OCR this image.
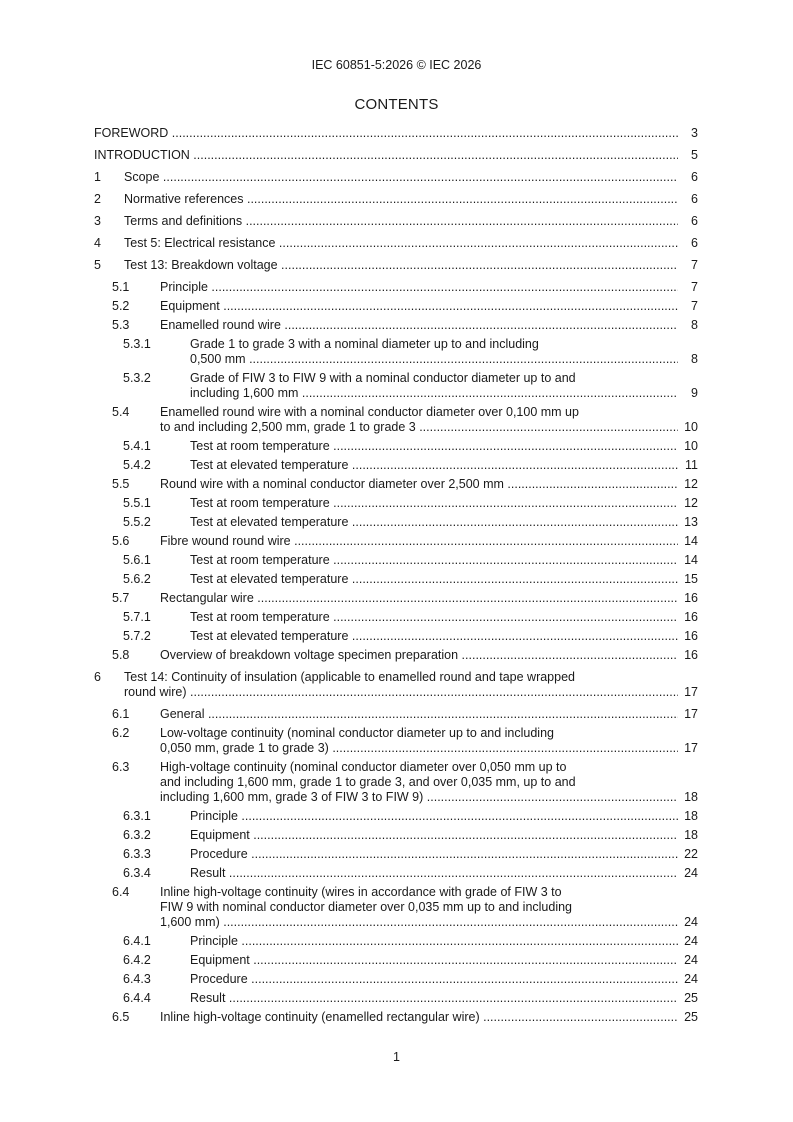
IEC 60851-5:2026 © IEC 2026
CONTENTS
FOREWORD .....	3
INTRODUCTION .....	5
1	Scope .....	6
2	Normative references .....	6
3	Terms and definitions .....	6
4	Test 5: Electrical resistance .....	6
5	Test 13: Breakdown voltage .....	7
5.1	Principle .....	7
5.2	Equipment .....	7
5.3	Enamelled round wire .....	8
5.3.1	Grade 1 to grade 3 with a nominal diameter up to and including
0,500 mm .....	8
5.3.2	Grade of FIW 3 to FIW 9 with a nominal conductor diameter up to and
including 1,600 mm .....	9
5.4	Enamelled round wire with a nominal conductor diameter over 0,100 mm up
to and including 2,500 mm, grade 1 to grade 3 .....	10
5.4.1	Test at room temperature .....	10
5.4.2	Test at elevated temperature .....	11
5.5	Round wire with a nominal conductor diameter over 2,500 mm .....	12
5.5.1	Test at room temperature .....	12
5.5.2	Test at elevated temperature .....	13
5.6	Fibre wound round wire .....	14
5.6.1	Test at room temperature .....	14
5.6.2	Test at elevated temperature .....	15
5.7	Rectangular wire .....	16
5.7.1	Test at room temperature .....	16
5.7.2	Test at elevated temperature .....	16
5.8	Overview of breakdown voltage specimen preparation .....	16
6	Test 14: Continuity of insulation (applicable to enamelled round and tape wrapped
round wire) .....	17
6.1	General .....	17
6.2	Low-voltage continuity (nominal conductor diameter up to and including
0,050 mm, grade 1 to grade 3) .....	17
6.3	High-voltage continuity (nominal conductor diameter over 0,050 mm up to
and including 1,600 mm, grade 1 to grade 3, and over 0,035 mm, up to and
including 1,600 mm, grade 3 of FIW 3 to FIW 9) .....	18
6.3.1	Principle .....	18
6.3.2	Equipment .....	18
6.3.3	Procedure .....	22
6.3.4	Result .....	24
6.4	Inline high-voltage continuity (wires in accordance with grade of FIW 3 to
FIW 9 with nominal conductor diameter over 0,035 mm up to and including
1,600 mm) .....	24
6.4.1	Principle .....	24
6.4.2	Equipment .....	24
6.4.3	Procedure .....	24
6.4.4	Result .....	25
6.5	Inline high-voltage continuity (enamelled rectangular wire) .....	25
1
